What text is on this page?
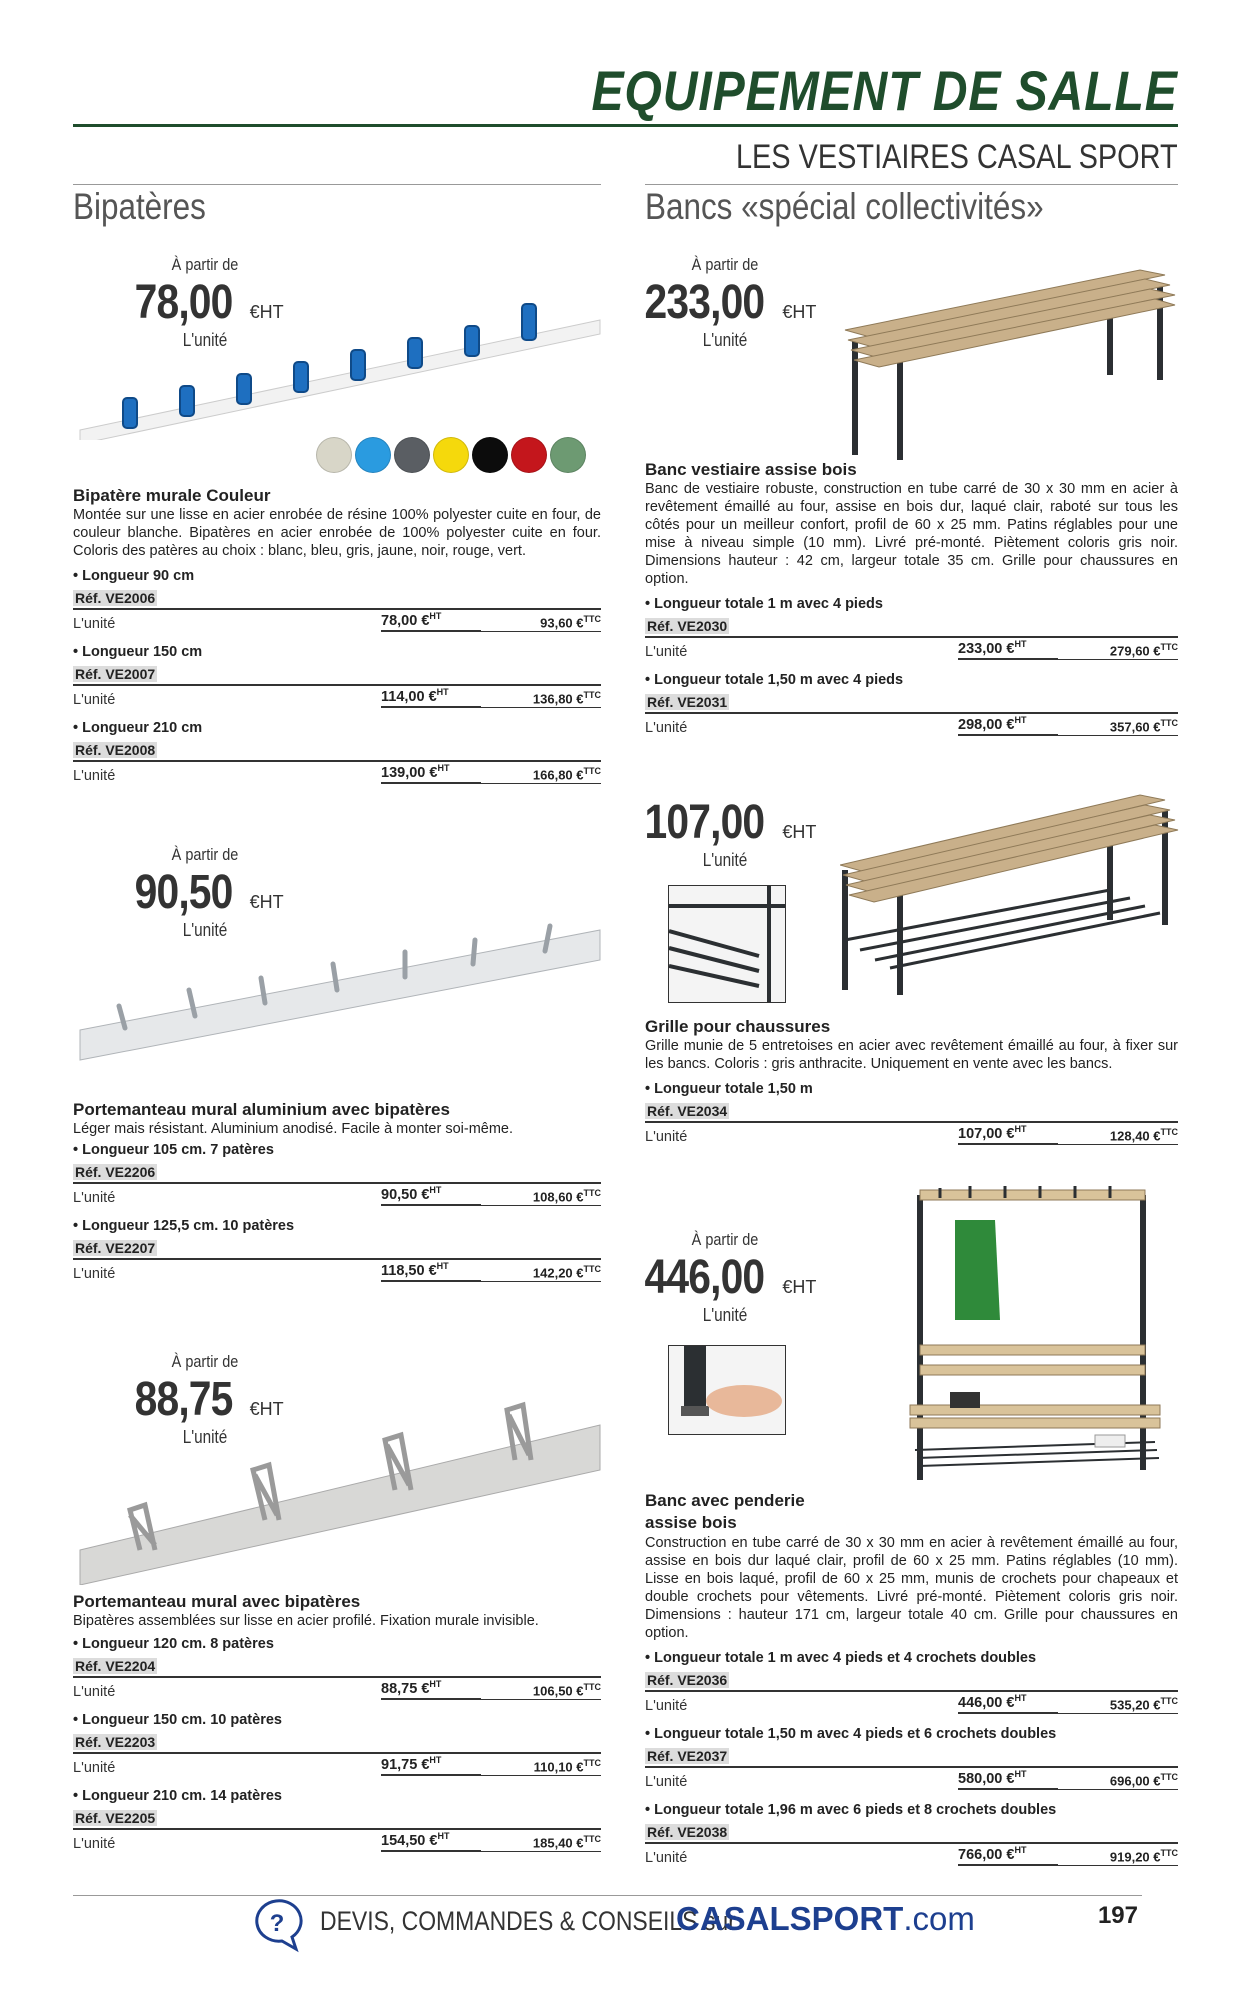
EQUIPEMENT DE SALLE
LES VESTIAIRES CASAL SPORT
Bipatères	Bancs «spécial collectivités»
À partir de
78,00 €HT
L'unité
Bipatère murale Couleur
Montée sur une lisse en acier enrobée de résine 100% polyester cuite en four, de couleur blanche. Bipatères en acier enrobée de 100% polyester cuite en four. Coloris des patères au choix : blanc, bleu, gris, jaune, noir, rouge, vert.
• Longueur 90 cm
Réf. VE2006
L'unité	78,00 €$^{HT}$	93,60 €$^{TTC}$
• Longueur 150 cm
Réf. VE2007
L'unité	114,00 €$^{HT}$	136,80 €$^{TTC}$
• Longueur 210 cm
Réf. VE2008
L'unité	139,00 €$^{HT}$	166,80 €$^{TTC}$
À partir de
90,50 €HT
L'unité
Portemanteau mural aluminium avec bipatères
Léger mais résistant. Aluminium anodisé. Facile à monter soi-même.
• Longueur 105 cm. 7 patères
Réf. VE2206
L'unité	90,50 €$^{HT}$	108,60 €$^{TTC}$
• Longueur 125,5 cm. 10 patères
Réf. VE2207
L'unité	118,50 €$^{HT}$	142,20 €$^{TTC}$
À partir de
88,75 €HT
L'unité
Portemanteau mural avec bipatères
Bipatères assemblées sur lisse en acier profilé. Fixation murale invisible.
• Longueur 120 cm. 8 patères
Réf. VE2204
L'unité	88,75 €$^{HT}$	106,50 €$^{TTC}$
• Longueur 150 cm. 10 patères
Réf. VE2203
L'unité	91,75 €$^{HT}$	110,10 €$^{TTC}$
• Longueur 210 cm. 14 patères
Réf. VE2205
L'unité	154,50 €$^{HT}$	185,40 €$^{TTC}$
À partir de
233,00 €HT
L'unité
Banc vestiaire assise bois
Banc de vestiaire robuste, construction en tube carré de 30 x 30 mm en acier à revêtement émaillé au four, assise en bois dur, laqué clair, raboté sur tous les côtés pour un meilleur confort, profil de 60 x 25 mm. Patins réglables pour une mise à niveau simple (10 mm). Livré pré-monté. Piètement coloris gris noir. Dimensions hauteur : 42 cm, largeur totale 35 cm. Grille pour chaussures en option.
• Longueur totale 1 m avec 4 pieds
Réf. VE2030
L'unité	233,00 €$^{HT}$	279,60 €$^{TTC}$
• Longueur totale 1,50 m avec 4 pieds
Réf. VE2031
L'unité	298,00 €$^{HT}$	357,60 €$^{TTC}$
107,00 €HT
L'unité
Grille pour chaussures
Grille munie de 5 entretoises en acier avec revêtement émaillé au four, à fixer sur les bancs. Coloris : gris anthracite. Uniquement en vente avec les bancs.
• Longueur totale 1,50 m
Réf. VE2034
L'unité	107,00 €$^{HT}$	128,40 €$^{TTC}$
À partir de
446,00 €HT
L'unité
Banc avec penderie assise bois
Construction en tube carré de 30 x 30 mm en acier à revêtement émaillé au four, assise en bois dur laqué clair, profil de 60 x 25 mm. Patins réglables (10 mm). Lisse en bois laqué, profil de 60 x 25 mm, munis de crochets pour chapeaux et double crochets pour vêtements. Livré pré-monté. Piètement coloris gris noir. Dimensions : hauteur 171 cm, largeur totale 40 cm. Grille pour chaussures en option.
• Longueur totale 1 m avec 4 pieds et 4 crochets doubles
Réf. VE2036
L'unité	446,00 €$^{HT}$	535,20 €$^{TTC}$
• Longueur totale 1,50 m avec 4 pieds et 6 crochets doubles
Réf. VE2037
L'unité	580,00 €$^{HT}$	696,00 €$^{TTC}$
• Longueur totale 1,96 m avec 6 pieds et 8 crochets doubles
Réf. VE2038
L'unité	766,00 €$^{HT}$	919,20 €$^{TTC}$
? DEVIS, COMMANDES & CONSEILS sur
CASALSPORT.com	197
